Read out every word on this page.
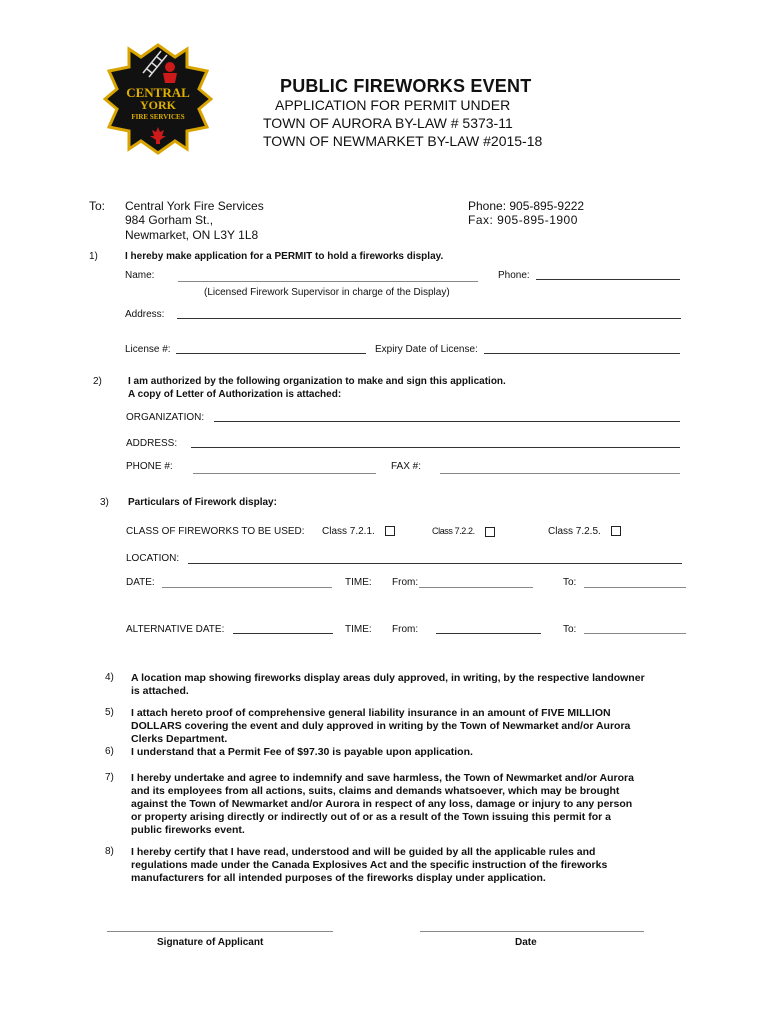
CENTRAL
YORK
FIRE SERVICES
PUBLIC FIREWORKS EVENT
APPLICATION FOR PERMIT UNDER
TOWN OF AURORA BY-LAW # 5373-11
TOWN OF NEWMARKET BY-LAW #2015-18
To: Central York Fire Services
984 Gorham St.,
Newmarket, ON L3Y 1L8
Phone: 905-895-9222
Fax: 905-895-1900
1)	I hereby make application for a PERMIT to hold a fireworks display.
Name:	Phone:
(Licensed Firework Supervisor in charge of the Display)
Address:
License #:	Expiry Date of License:
2)	I am authorized by the following organization to make and sign this application.
A copy of Letter of Authorization is attached:
ORGANIZATION:
ADDRESS:
PHONE #:	FAX #:
3) Particulars of Firework display:
CLASS OF FIREWORKS TO BE USED: Class 7.2.1.	Class 7.2.2.	Class 7.2.5.
LOCATION:
DATE:	TIME: From:	To:
ALTERNATIVE DATE:	TIME: From:	To:
4) A location map showing fireworks display areas duly approved, in writing, by the respective landowner is attached.
5) I attach hereto proof of comprehensive general liability insurance in an amount of FIVE MILLION DOLLARS covering the event and duly approved in writing by the Town of Newmarket and/or Aurora Clerks Department.
6) I understand that a Permit Fee of $97.30 is payable upon application.
7) I hereby undertake and agree to indemnify and save harmless, the Town of Newmarket and/or Aurora and its employees from all actions, suits, claims and demands whatsoever, which may be brought against the Town of Newmarket and/or Aurora in respect of any loss, damage or injury to any person or property arising directly or indirectly out of or as a result of the Town issuing this permit for a public fireworks event.
8) I hereby certify that I have read, understood and will be guided by all the applicable rules and regulations made under the Canada Explosives Act and the specific instruction of the fireworks manufacturers for all intended purposes of the fireworks display under application.
Signature of Applicant	Date
